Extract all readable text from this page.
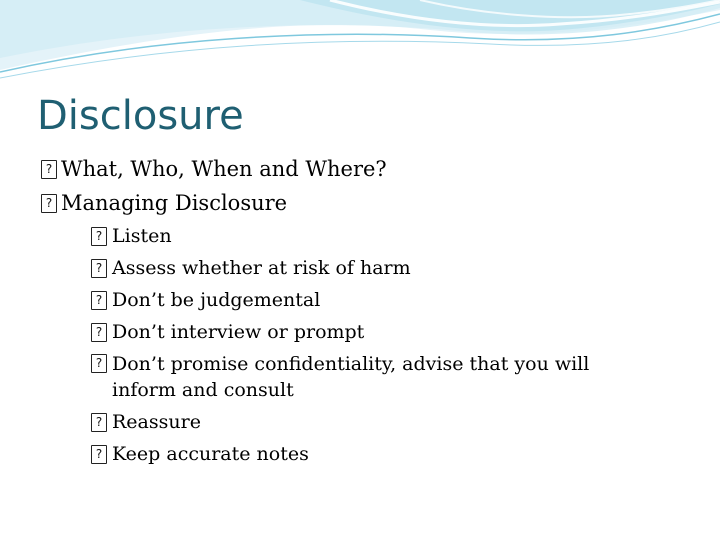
Disclosure
? What, Who, When and Where?
? Managing Disclosure
? Listen
? Assess whether at risk of harm
? Don’t be judgemental
? Don’t interview or prompt
? Don’t promise confidentiality, advise that you will inform and consult
? Reassure
? Keep accurate notes
